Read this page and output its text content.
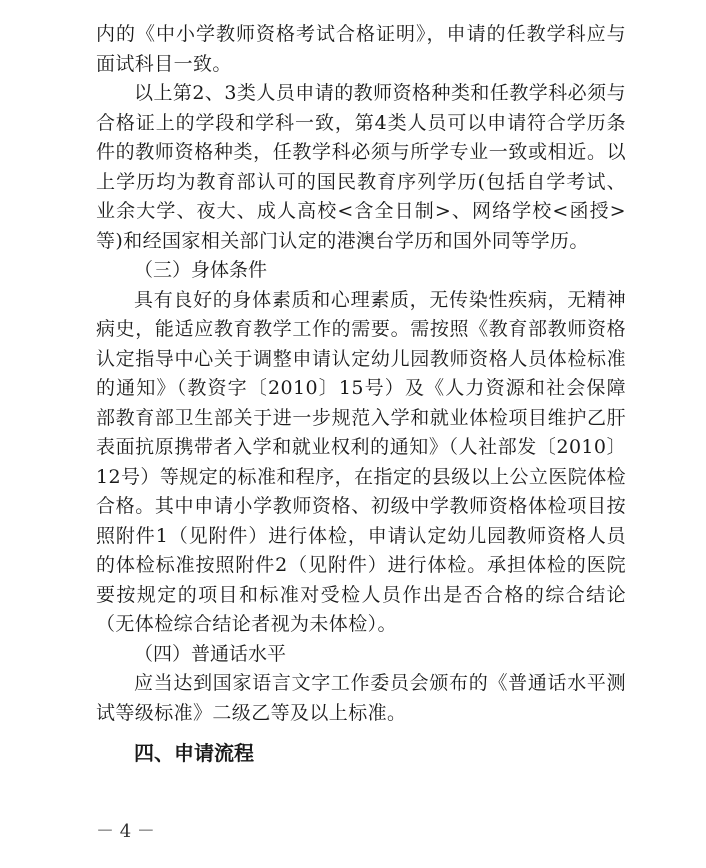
内的《中小学教师资格考试合格证明》，申请的任教学科应与面试科目一致。

以上第2、3类人员申请的教师资格种类和任教学科必须与合格证上的学段和学科一致，第4类人员可以申请符合学历条件的教师资格种类，任教学科必须与所学专业一致或相近。以上学历均为教育部认可的国民教育序列学历(包括自学考试、业余大学、夜大、成人高校<含全日制>、网络学校<函授>等)和经国家相关部门认定的港澳台学历和国外同等学历。

（三）身体条件

具有良好的身体素质和心理素质，无传染性疾病，无精神病史，能适应教育教学工作的需要。需按照《教育部教师资格认定指导中心关于调整申请认定幼儿园教师资格人员体检标准的通知》（教资字〔2010〕15号）及《人力资源和社会保障部教育部卫生部关于进一步规范入学和就业体检项目维护乙肝表面抗原携带者入学和就业权利的通知》（人社部发〔2010〕12号）等规定的标准和程序，在指定的县级以上公立医院体检合格。其中申请小学教师资格、初级中学教师资格体检项目按照附件1（见附件）进行体检，申请认定幼儿园教师资格人员的体检标准按照附件2（见附件）进行体检。承担体检的医院要按规定的项目和标准对受检人员作出是否合格的综合结论（无体检综合结论者视为未体检）。

（四）普通话水平

应当达到国家语言文字工作委员会颁布的《普通话水平测试等级标准》二级乙等及以上标准。

四、申请流程

－ 4 －
